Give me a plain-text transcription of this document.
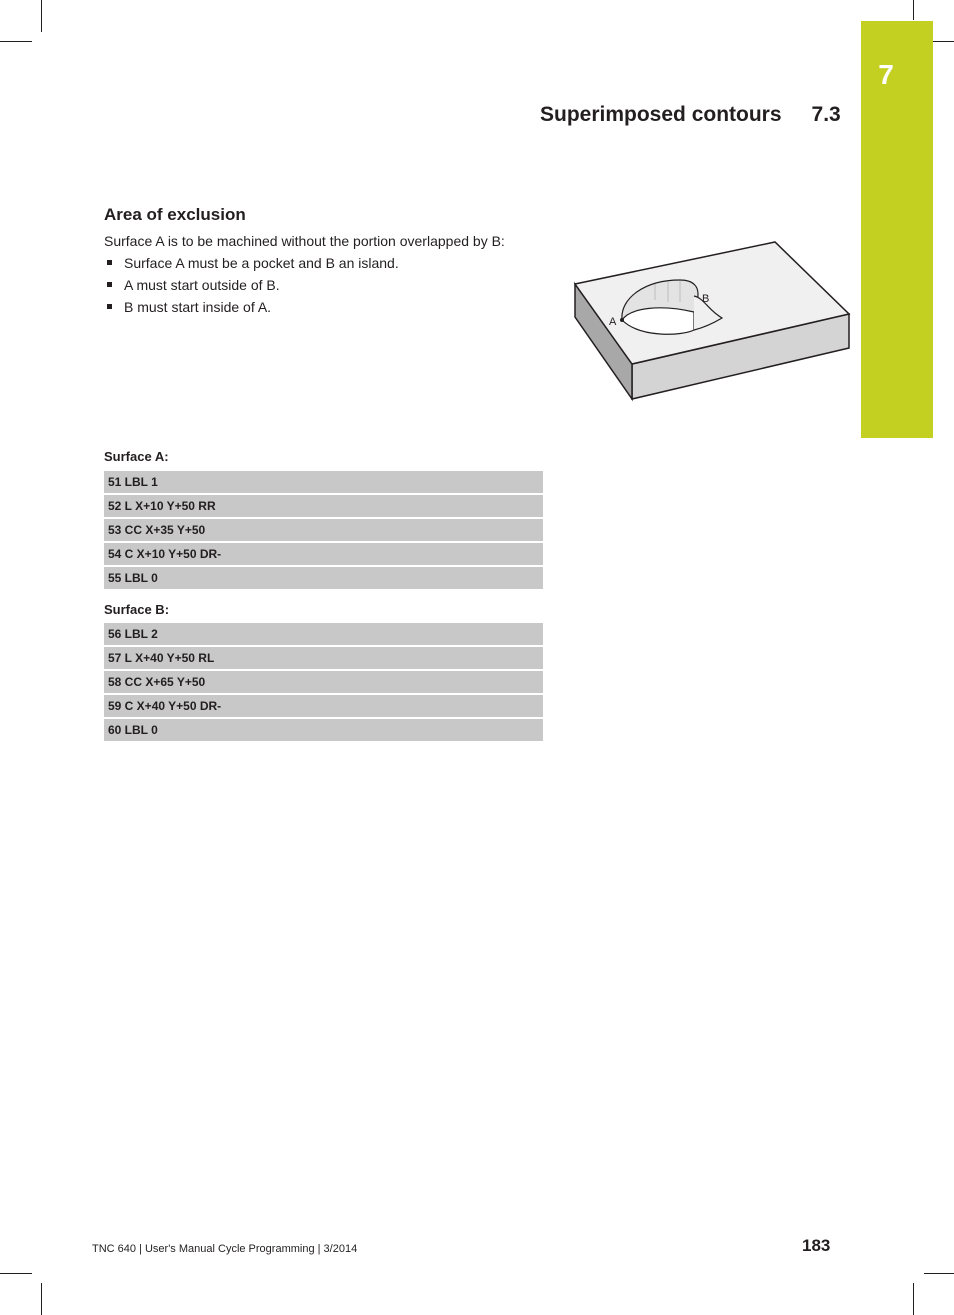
7
Superimposed contours 7.3
Area of exclusion
Surface A is to be machined without the portion overlapped by B:
Surface A must be a pocket and B an island.
A must start outside of B.
B must start inside of A.
A
B
Surface A:
51 LBL 1
52 L X+10 Y+50 RR
53 CC X+35 Y+50
54 C X+10 Y+50 DR-
55 LBL 0
Surface B:
56 LBL 2
57 L X+40 Y+50 RL
58 CC X+65 Y+50
59 C X+40 Y+50 DR-
60 LBL 0
TNC 640 | User's Manual Cycle Programming | 3/2014	183
